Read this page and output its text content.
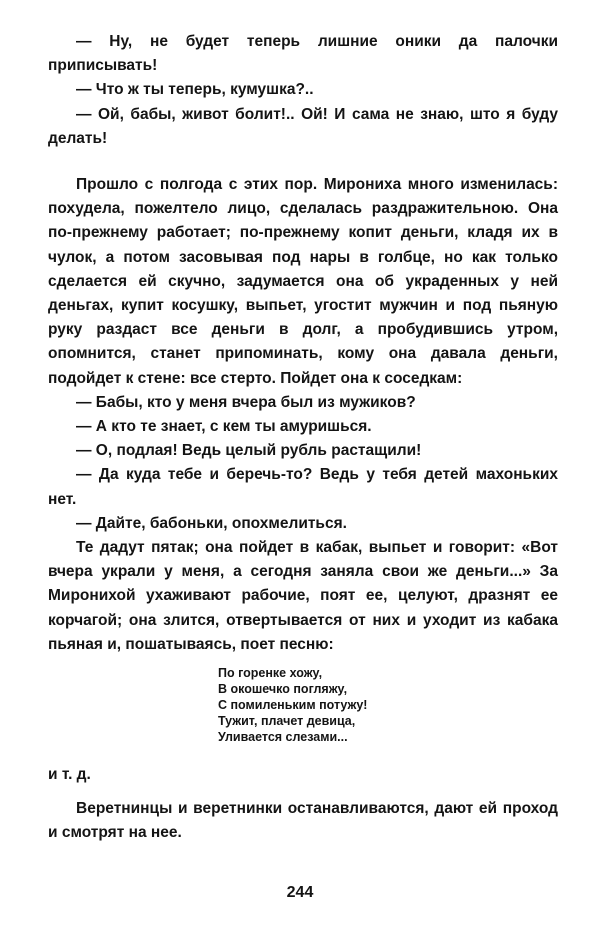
— Ну, не будет теперь лишние оники да палочки приписывать!

— Что ж ты теперь, кумушка?..

— Ой, бабы, живот болит!.. Ой! И сама не знаю, што я буду делать!

Прошло с полгода с этих пор. Мирониха много изменилась: похудела, пожелтело лицо, сделалась раздражительною. Она по-прежнему работает; по-прежнему копит деньги, кладя их в чулок, а потом засовывая под нары в голбце, но как только сделается ей скучно, задумается она об украденных у ней деньгах, купит косушку, выпьет, угостит мужчин и под пьяную руку раздаст все деньги в долг, а пробудившись утром, опомнится, станет припоминать, кому она давала деньги, подойдет к стене: все стерто. Пойдет она к соседкам:

— Бабы, кто у меня вчера был из мужиков?

— А кто те знает, с кем ты амуришься.

— О, подлая! Ведь целый рубль растащили!

— Да куда тебе и беречь-то? Ведь у тебя детей махоньких нет.

— Дайте, бабоньки, опохмелиться.

Те дадут пятак; она пойдет в кабак, выпьет и говорит: «Вот вчера украли у меня, а сегодня заняла свои же деньги...» За Миронихой ухаживают рабочие, поят ее, целуют, дразнят ее корчагой; она злится, отвертывается от них и уходит из кабака пьяная и, пошатываясь, поет песню:

По горенке хожу,
В окошечко погляжу,
С помиленьким потужу!
Тужит, плачет девица,
Уливается слезами...

и т. д.

Веретнинцы и веретнинки останавливаются, дают ей проход и смотрят на нее.

244
